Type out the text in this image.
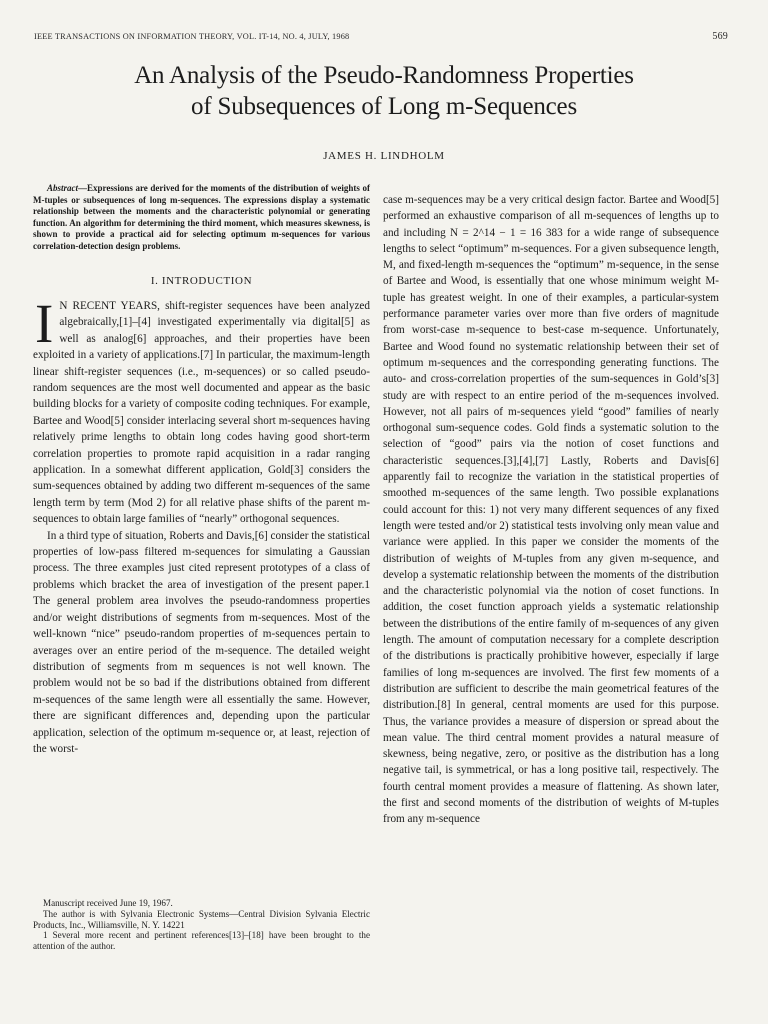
IEEE TRANSACTIONS ON INFORMATION THEORY, VOL. IT-14, NO. 4, JULY, 1968	569
An Analysis of the Pseudo-Randomness Properties
of Subsequences of Long m-Sequences
JAMES H. LINDHOLM

Abstract—Expressions are derived for the moments of the distribution of weights of M-tuples or subsequences of long m-sequences. The expressions display a systematic relationship between the moments and the characteristic polynomial or generating function. An algorithm for determining the third moment, which measures skewness, is shown to provide a practical aid for selecting optimum m-sequences for various correlation-detection design problems.

I. INTRODUCTION
I N RECENT YEARS, shift-register sequences have been analyzed algebraically,[1]–[4] investigated experimentally via digital[5] as well as analog[6] approaches, and their properties have been exploited in a variety of applications.[7] In particular, the maximum-length linear shift-register sequences (i.e., m-sequences) or so called pseudo-random sequences are the most well documented and appear as the basic building blocks for a variety of composite coding techniques. For example, Bartee and Wood[5] consider interlacing several short m-sequences having relatively prime lengths to obtain long codes having good short-term correlation properties to promote rapid acquisition in a radar ranging application. In a somewhat different application, Gold[3] considers the sum-sequences obtained by adding two different m-sequences of the same length term by term (Mod 2) for all relative phase shifts of the parent m-sequences to obtain large families of “nearly” orthogonal sequences.

In a third type of situation, Roberts and Davis,[6] consider the statistical properties of low-pass filtered m-sequences for simulating a Gaussian process. The three examples just cited represent prototypes of a class of problems which bracket the area of investigation of the present paper.1 The general problem area involves the pseudo-randomness properties and/or weight distributions of segments from m-sequences. Most of the well-known “nice” pseudo-random properties of m-sequences pertain to averages over an entire period of the m-sequence. The detailed weight distribution of segments from m sequences is not well known. The problem would not be so bad if the distributions obtained from different m-sequences of the same length were all essentially the same. However, there are significant differences and, depending upon the particular application, selection of the optimum m-sequence or, at least, rejection of the worst-

Manuscript received June 19, 1967.

The author is with Sylvania Electronic Systems—Central Division Sylvania Electric Products, Inc., Williamsville, N. Y. 14221

1 Several more recent and pertinent references[13]–[18] have been brought to the attention of the author.

case m-sequences may be a very critical design factor. Bartee and Wood[5] performed an exhaustive comparison of all m-sequences of lengths up to and including N = 2^14 − 1 = 16 383 for a wide range of subsequence lengths to select “optimum” m-sequences. For a given subsequence length, M, and fixed-length m-sequences the “optimum” m-sequence, in the sense of Bartee and Wood, is essentially that one whose minimum weight M-tuple has greatest weight. In one of their examples, a particular-system performance parameter varies over more than five orders of magnitude from worst-case m-sequence to best-case m-sequence. Unfortunately, Bartee and Wood found no systematic relationship between their set of optimum m-sequences and the corresponding generating functions. The auto- and cross-correlation properties of the sum-sequences in Gold’s[3] study are with respect to an entire period of the m-sequences involved. However, not all pairs of m-sequences yield “good” families of nearly orthogonal sum-sequence codes. Gold finds a systematic solution to the selection of “good” pairs via the notion of coset functions and characteristic sequences.[3],[4],[7] Lastly, Roberts and Davis[6] apparently fail to recognize the variation in the statistical properties of smoothed m-sequences of the same length. Two possible explanations could account for this: 1) not very many different sequences of any fixed length were tested and/or 2) statistical tests involving only mean value and variance were applied. In this paper we consider the moments of the distribution of weights of M-tuples from any given m-sequence, and develop a systematic relationship between the moments of the distribution and the characteristic polynomial via the notion of coset functions. In addition, the coset function approach yields a systematic relationship between the distributions of the entire family of m-sequences of any given length. The amount of computation necessary for a complete description of the distributions is practically prohibitive however, especially if large families of long m-sequences are involved. The first few moments of a distribution are sufficient to describe the main geometrical features of the distribution.[8] In general, central moments are used for this purpose. Thus, the variance provides a measure of dispersion or spread about the mean value. The third central moment provides a natural measure of skewness, being negative, zero, or positive as the distribution has a long negative tail, is symmetrical, or has a long positive tail, respectively. The fourth central moment provides a measure of flattening. As shown later, the first and second moments of the distribution of weights of M-tuples from any m-sequence
